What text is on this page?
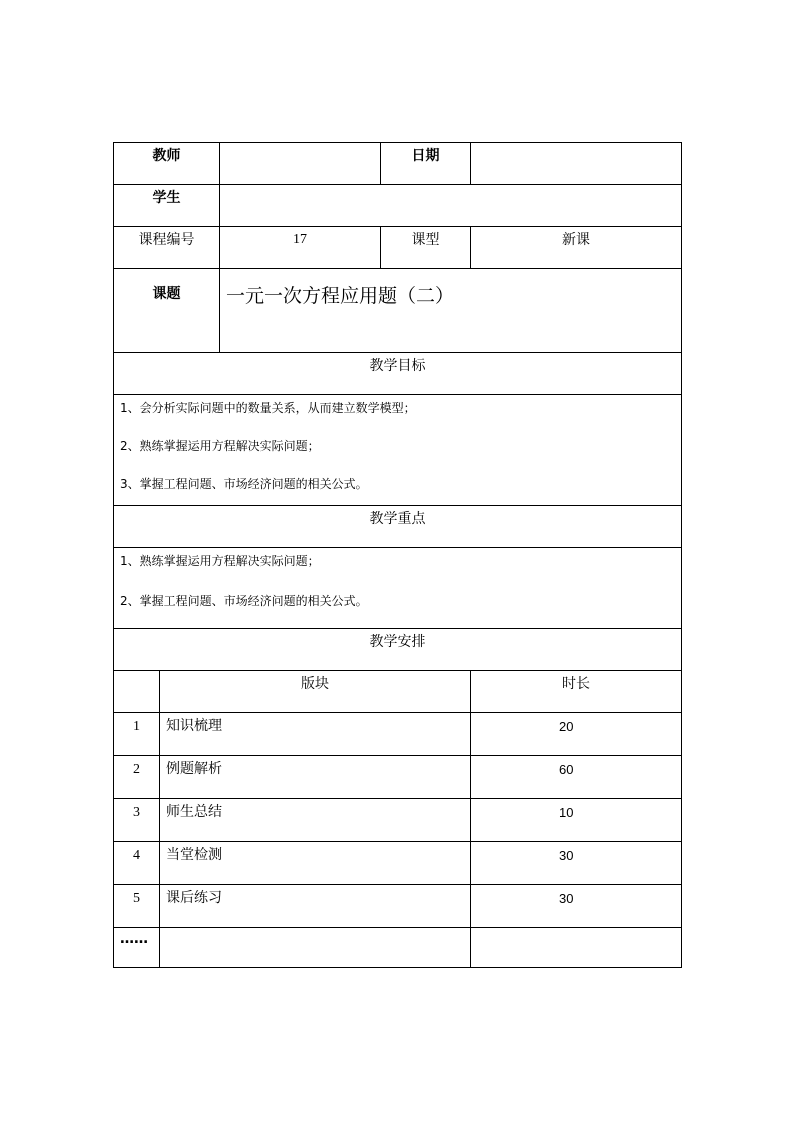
教师			日期	
学生				
课程编号		17	课型	新课
课题		一元一次方程应用题（二）		
教学目标				

1、会分析实际问题中的数量关系，从而建立数学模型；
2、熟练掌握运用方程解决实际问题；
3、掌握工程问题、市场经济问题的相关公式。				

教学重点				

1、熟练掌握运用方程解决实际问题；
2、掌握工程问题、市场经济问题的相关公式。				

教学安排				
	版块			时长
1	知识梳理			20
2	例题解析			60
3	师生总结			10
4	当堂检测			30
5	课后练习			30
……				
